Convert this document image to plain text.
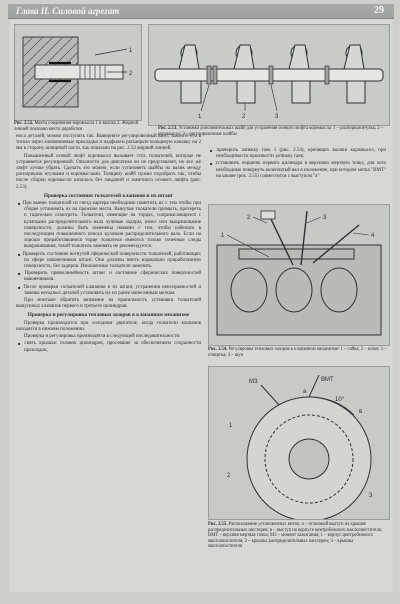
Глава II. Силовой агрегат	29
1
2
Рис. 2.52. Места соединения коромысла 1 и валика 2. Жирной линией показано место доработки
1	2	3
Рис. 2.53. Установка дополнительных шайб для устранения осевого люфта коромысла: 1 – распорная втулка; 2 – коромысло; 3 – регулировочные шайбы

носа деталей, можно поступить так. Выверните регулировочный винт, зажмите его в тисках через алюминиевые прокладки и надфилем расширьте кольцевую канавку на 2 мм в сторону шлицевой части, как показано на рис. 2.52 жирной линией.

Повышенный осевой люфт коромысел вызывает стук толкателей, которые не устраняется регулировкой. Опасности для двигателя он не представляет, но все же люфт лучше убрать. Сделать это можно, если установить шайбы на валик между распорными втулками и коромыслами. Толщину шайб нужно подобрать так, чтобы после сборки коромысло качалось без заеданий и заметного осевого люфта (рис. 2.53).

Проверка состояния толкателей клапанов и их штанг
■ При выеме толкателей из гнезд картера необходимо пометить их с тем чтобы при сборке установить их на прежние места. Вынутые толкатели промыть, протереть и тщательно осмотреть. Толкатели, имеющие на торцах, соприкасающихся с кулачками распределительного вала лучевые задиры, износ или выкрашивание поверхности, должны быть заменены новыми с тем, чтобы избежать в последующем повышенного износа кулачков распределительного вала. Если на хорошо приработавшемся торце толкателя имеются только точечные следы выкрашивания, такой толкатель заменять не рекомендуется.
■ Проверить состояние вогнутой сферической поверхности толкателей, работающих по сфере наконечников штанг. Они должны иметь нормально приработанную поверхность, без задиров. Изношенные толкатели заменить.
■ Проверить прямолинейность штанг и состояние сферических поверхностей наконечников.
■ После проверки толкателей клапанов и их штанг, устранения неисправностей и замены негодных деталей установить их по ранее нанесенным меткам.

При монтаже обратить внимание на правильность установки толкателей выпускных клапанов первого и третьего цилиндров.

Проверка и регулировка тепловых зазоров в клапанном механизме

Проверка производится при холодном двигателе, когда толкатели клапанов находятся в нижнем положении.

Проверка и регулировка производятся в следующей последовательности:

■ снять крышки головок цилиндров, просевшие за обеспечением сохранности прокладок;
■ проверить затяжку гаек 1 (рис. 2.54), крепящих валики коромысел, при необходимости произвести дотяжку гаек;
■ установить поршень первого цилиндра в верхнюю мертвую точку, для чего необходимо повернуть коленчатый вал в положение, при котором метка "ВМТ" на шкиве (рис. 2.55) совместится с выступом "а"
1
2	3
4
Рис. 2.54. Регулировка тепловых зазоров в клапанном механизме: 1 – гайка; 2 – ключ; 3 – отвертка; 4 – щуп
ВМТ
МЗ
а
в
1
2
3
10°
Рис. 2.55. Расположение установочных меток: а – отличный выступ на крышке распределительных шестерен; в – выступ на корпусе центробежного маслоочистителя; ВМТ – верхняя мертвая точка; МЗ – момент зажигания; 1 – корпус центробежного маслоочистителя; 2 – крышка распределительных шестерен; 3 – крышка маслоочистителя
